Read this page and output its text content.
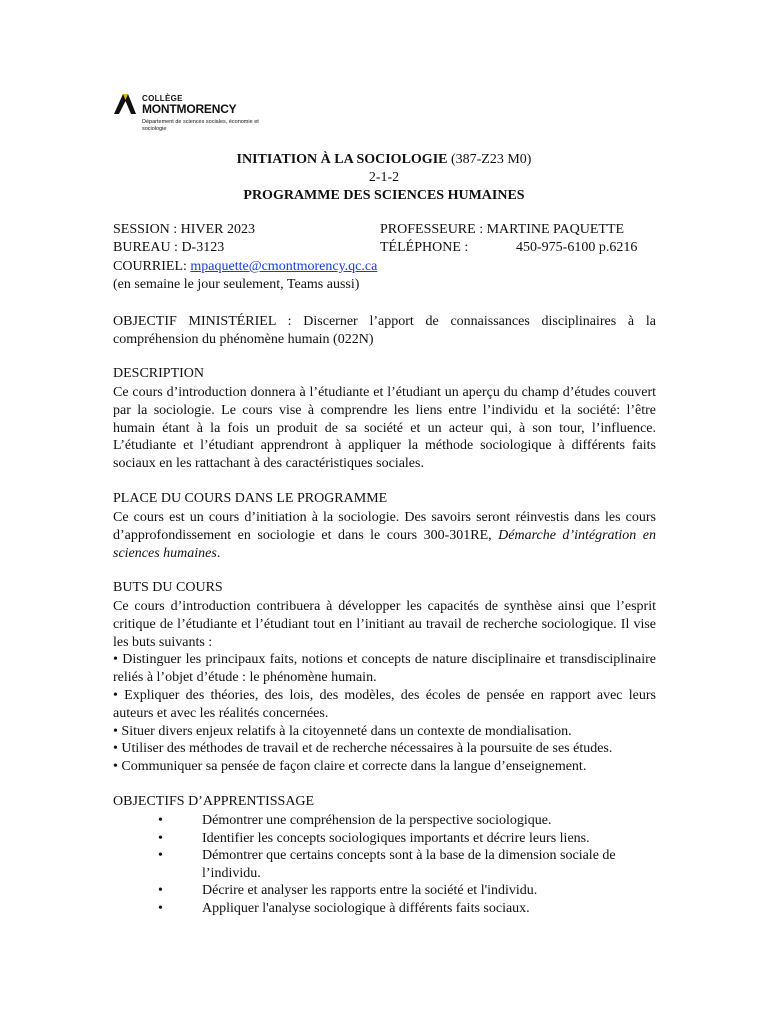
COLLÈGE
MONTMORENCY
Département de sciences sociales, économie et sociologie
INITIATION À LA SOCIOLOGIE (387-Z23 M0)
2-1-2
PROGRAMME DES SCIENCES HUMAINES
SESSION : HIVER 2023	PROFESSEURE : MARTINE PAQUETTE
BUREAU : D-3123	TÉLÉPHONE :	450-975-6100 p.6216
COURRIEL: mpaquette@cmontmorency.qc.ca
(en semaine le jour seulement, Teams aussi)
OBJECTIF MINISTÉRIEL : Discerner l’apport de connaissances disciplinaires à la compréhension du phénomène humain (022N)
DESCRIPTION
Ce cours d’introduction donnera à l’étudiante et l’étudiant un aperçu du champ d’études couvert par la sociologie. Le cours vise à comprendre les liens entre l’individu et la société: l’être humain étant à la fois un produit de sa société et un acteur qui, à son tour, l’influence. L’étudiante et l’étudiant apprendront à appliquer la méthode sociologique à différents faits sociaux en les rattachant à des caractéristiques sociales.
PLACE DU COURS DANS LE PROGRAMME
Ce cours est un cours d’initiation à la sociologie. Des savoirs seront réinvestis dans les cours d’approfondissement en sociologie et dans le cours 300-301RE, Démarche d’intégration en sciences humaines.
BUTS DU COURS
Ce cours d’introduction contribuera à développer les capacités de synthèse ainsi que l’esprit critique de l’étudiante et l’étudiant tout en l’initiant au travail de recherche sociologique. Il vise les buts suivants :
• Distinguer les principaux faits, notions et concepts de nature disciplinaire et transdisciplinaire reliés à l’objet d’étude : le phénomène humain.
• Expliquer des théories, des lois, des modèles, des écoles de pensée en rapport avec leurs auteurs et avec les réalités concernées.
• Situer divers enjeux relatifs à la citoyenneté dans un contexte de mondialisation.
• Utiliser des méthodes de travail et de recherche nécessaires à la poursuite de ses études.
• Communiquer sa pensée de façon claire et correcte dans la langue d’enseignement.
OBJECTIFS D’APPRENTISSAGE
•	Démontrer une compréhension de la perspective sociologique.
•	Identifier les concepts sociologiques importants et décrire leurs liens.
•	Démontrer que certains concepts sont à la base de la dimension sociale de l’individu.
•	Décrire et analyser les rapports entre la société et l'individu.
•	Appliquer l'analyse sociologique à différents faits sociaux.
